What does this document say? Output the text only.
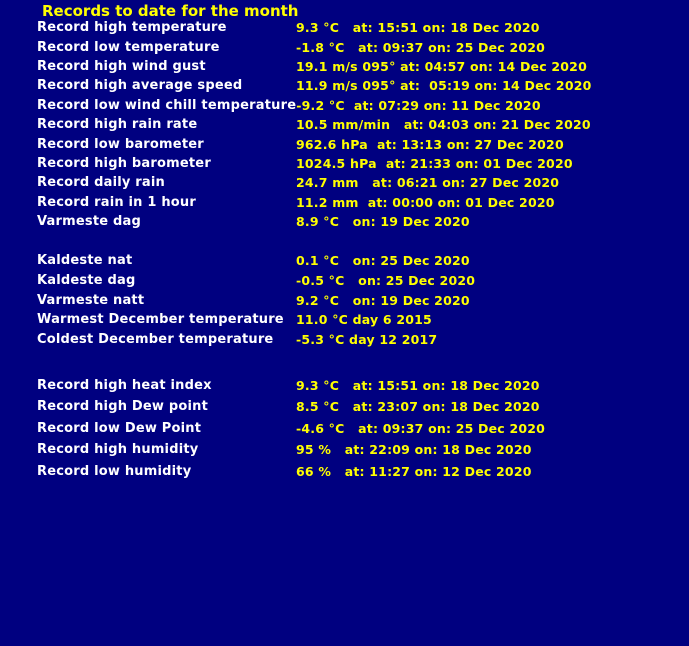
Records to date for the month
Record high temperature	9.3 °C   at: 15:51 on: 18 Dec 2020
Record low temperature	-1.8 °C   at: 09:37 on: 25 Dec 2020
Record high wind gust	19.1 m/s 095° at: 04:57 on: 14 Dec 2020
Record high average speed	11.9 m/s 095° at:  05:19 on: 14 Dec 2020
Record low wind chill temperature -9.2 °C  at: 07:29 on: 11 Dec 2020
Record high rain rate	10.5 mm/min   at: 04:03 on: 21 Dec 2020
Record low barometer	962.6 hPa  at: 13:13 on: 27 Dec 2020
Record high barometer	1024.5 hPa  at: 21:33 on: 01 Dec 2020
Record daily rain	24.7 mm   at: 06:21 on: 27 Dec 2020
Record rain in 1 hour	11.2 mm  at: 00:00 on: 01 Dec 2020
Varmeste dag	8.9 °C   on: 19 Dec 2020
Kaldeste nat	0.1 °C   on: 25 Dec 2020
Kaldeste dag	-0.5 °C   on: 25 Dec 2020
Varmeste natt	9.2 °C   on: 19 Dec 2020
Warmest December temperature 11.0 °C day 6 2015
Coldest December temperature	-5.3 °C day 12 2017
Record high heat index	9.3 °C   at: 15:51 on: 18 Dec 2020
Record high Dew point	8.5 °C   at: 23:07 on: 18 Dec 2020
Record low Dew Point	-4.6 °C   at: 09:37 on: 25 Dec 2020
Record high humidity	95 %   at: 22:09 on: 18 Dec 2020
Record low humidity	66 %   at: 11:27 on: 12 Dec 2020
